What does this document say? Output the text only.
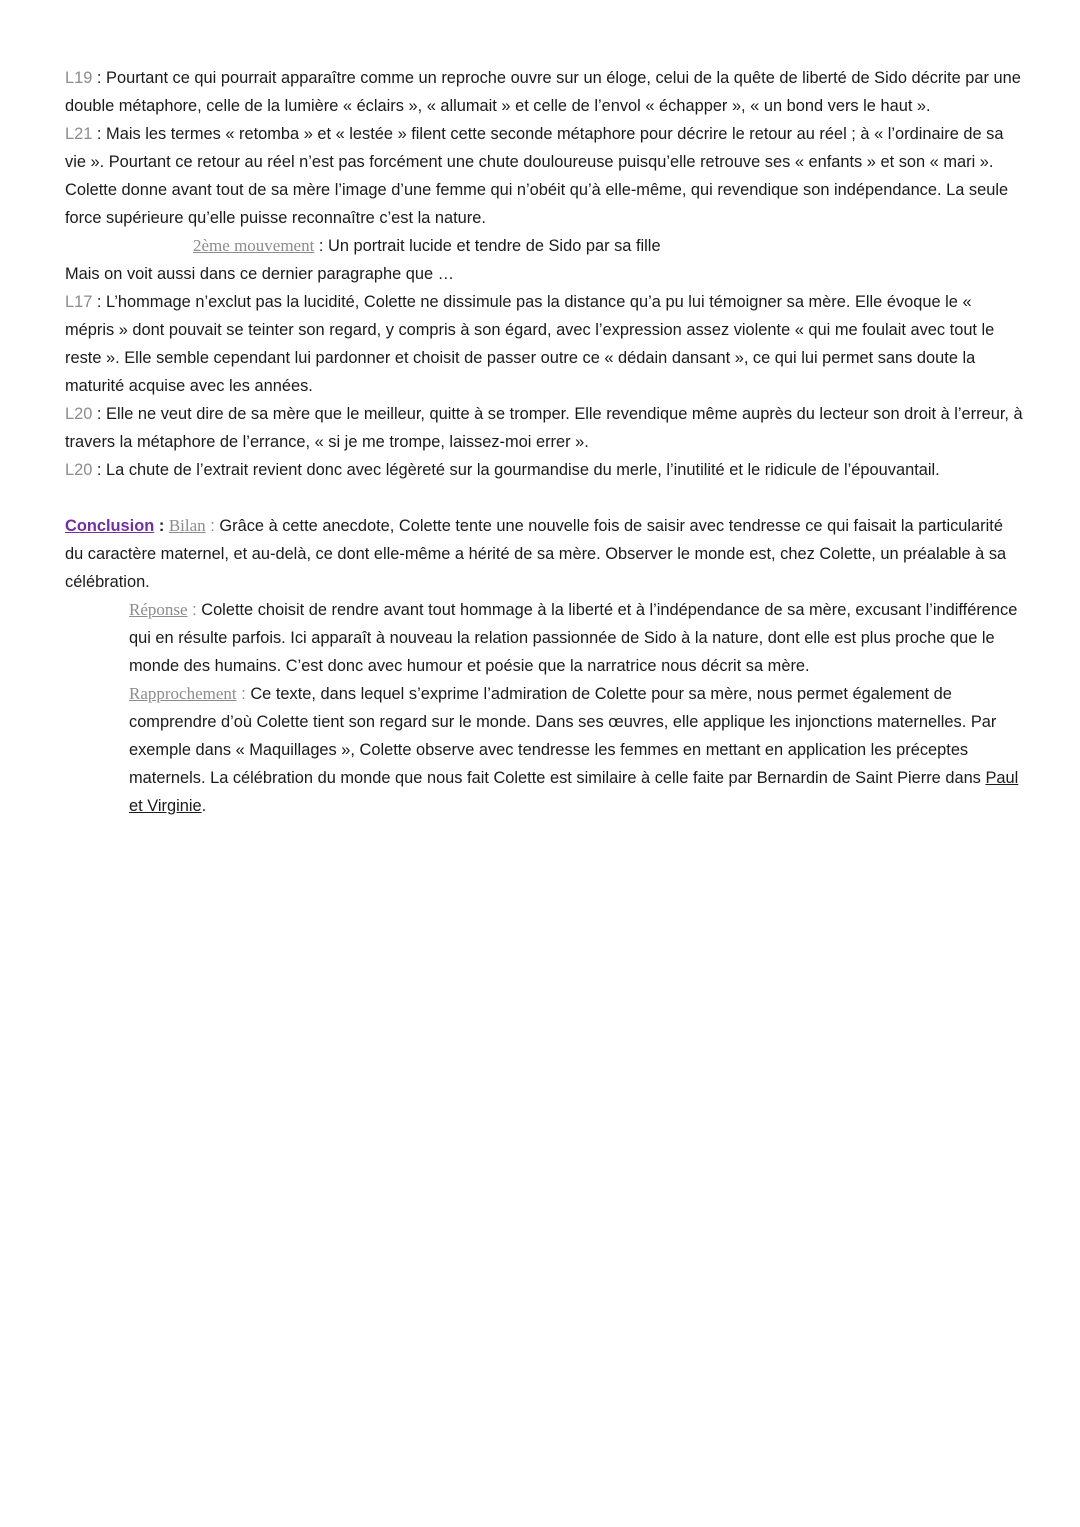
L19 : Pourtant ce qui pourrait apparaître comme un reproche ouvre sur un éloge, celui de la quête de liberté de Sido décrite par une double métaphore, celle de la lumière « éclairs », « allumait » et celle de l’envol « échapper », « un bond vers le haut ».

L21 : Mais les termes « retomba » et « lestée » filent cette seconde métaphore pour décrire le retour au réel ; à « l’ordinaire de sa vie ». Pourtant ce retour au réel n’est pas forcément une chute douloureuse puisqu’elle retrouve ses « enfants » et son « mari ».

Colette donne avant tout de sa mère l’image d’une femme qui n’obéit qu’à elle-même, qui revendique son indépendance. La seule force supérieure qu’elle puisse reconnaître c’est la nature.

2ème mouvement : Un portrait lucide et tendre de Sido par sa fille

Mais on voit aussi dans ce dernier paragraphe que …

L17 : L’hommage n’exclut pas la lucidité, Colette ne dissimule pas la distance qu’a pu lui témoigner sa mère. Elle évoque le « mépris » dont pouvait se teinter son regard, y compris à son égard, avec l’expression assez violente « qui me foulait avec tout le reste ». Elle semble cependant lui pardonner et choisit de passer outre ce « dédain dansant », ce qui lui permet sans doute la maturité acquise avec les années.

L20 : Elle ne veut dire de sa mère que le meilleur, quitte à se tromper. Elle revendique même auprès du lecteur son droit à l’erreur, à travers la métaphore de l’errance, « si je me trompe, laissez-moi errer ».

L20 : La chute de l’extrait revient donc avec légèreté sur la gourmandise du merle, l’inutilité et le ridicule de l’épouvantail.

Conclusion : Bilan : Grâce à cette anecdote, Colette tente une nouvelle fois de saisir avec tendresse ce qui faisait la particularité du caractère maternel, et au-delà, ce dont elle-même a hérité de sa mère. Observer le monde est, chez Colette, un préalable à sa célébration.

Réponse : Colette choisit de rendre avant tout hommage à la liberté et à l’indépendance de sa mère, excusant l’indifférence qui en résulte parfois. Ici apparaît à nouveau la relation passionnée de Sido à la nature, dont elle est plus proche que le monde des humains. C’est donc avec humour et poésie que la narratrice nous décrit sa mère.

Rapprochement : Ce texte, dans lequel s’exprime l’admiration de Colette pour sa mère, nous permet également de comprendre d’où Colette tient son regard sur le monde. Dans ses œuvres, elle applique les injonctions maternelles. Par exemple dans « Maquillages », Colette observe avec tendresse les femmes en mettant en application les préceptes maternels. La célébration du monde que nous fait Colette est similaire à celle faite par Bernardin de Saint Pierre dans Paul et Virginie.
